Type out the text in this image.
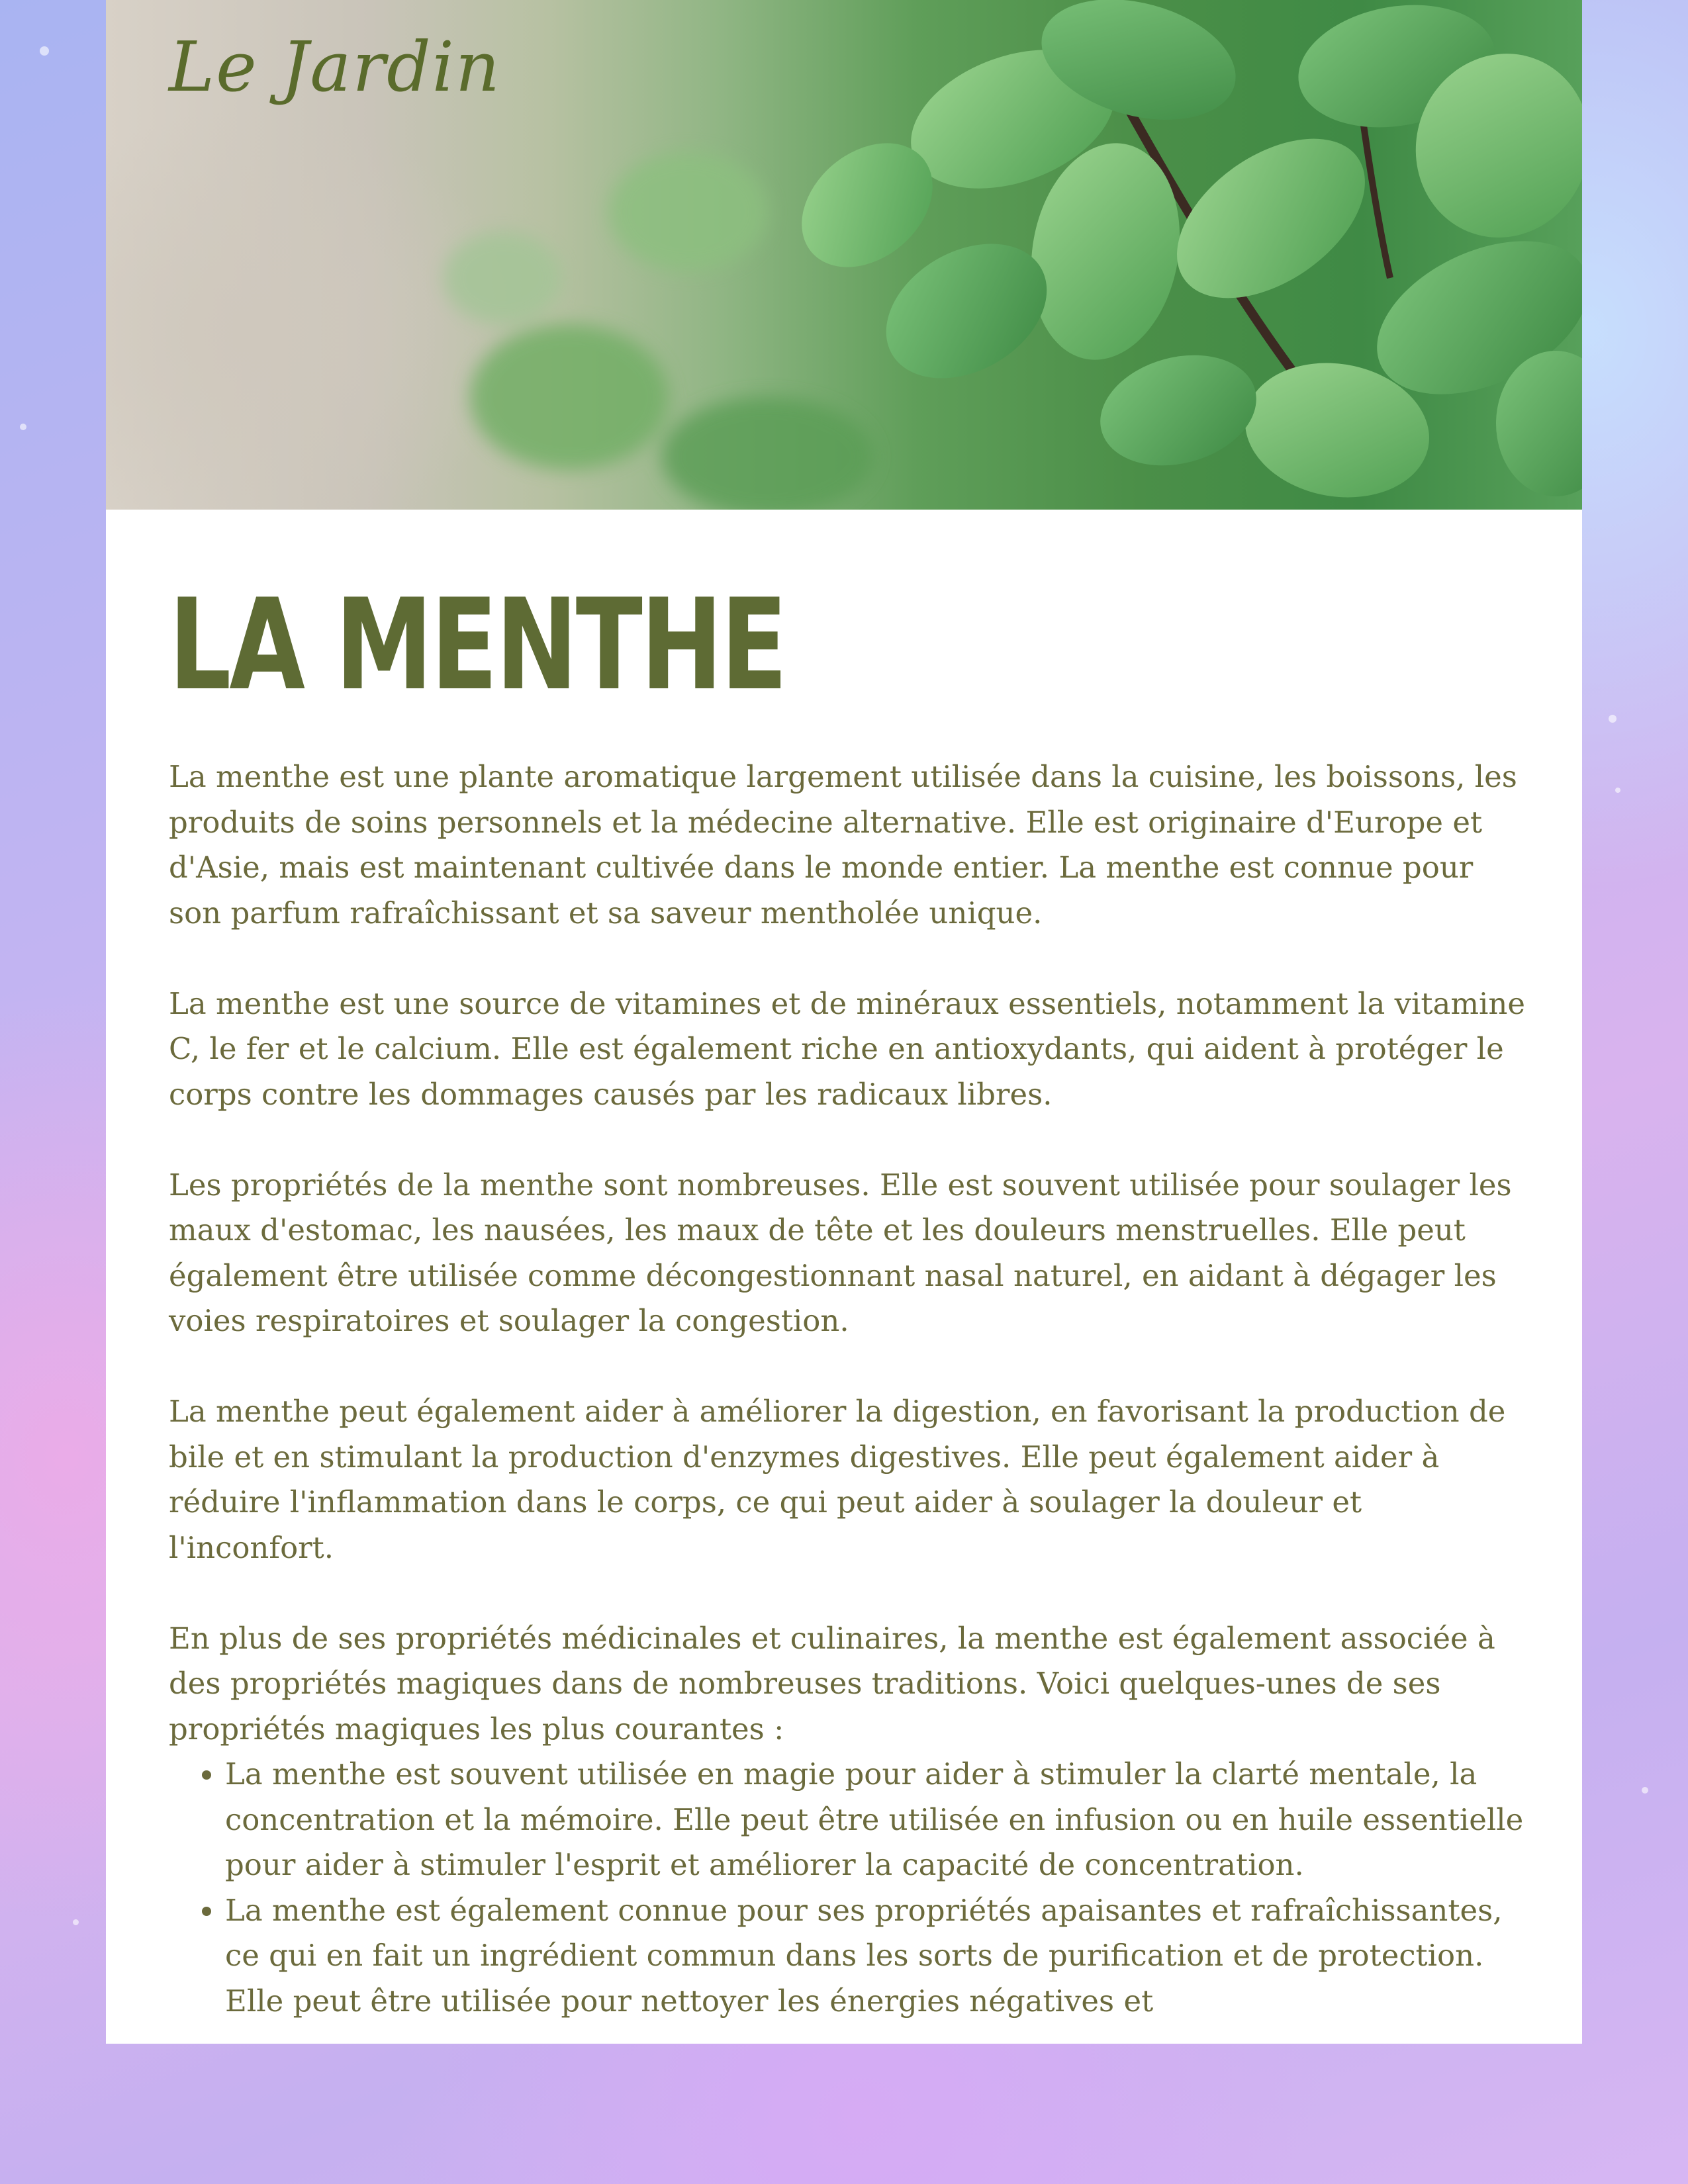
Le Jardin
LA MENTHE

La menthe est une plante aromatique largement utilisée dans la cuisine, les boissons, les produits de soins personnels et la médecine alternative. Elle est originaire d'Europe et d'Asie, mais est maintenant cultivée dans le monde entier. La menthe est connue pour son parfum rafraîchissant et sa saveur mentholée unique.

La menthe est une source de vitamines et de minéraux essentiels, notamment la vitamine C, le fer et le calcium. Elle est également riche en antioxydants, qui aident à protéger le corps contre les dommages causés par les radicaux libres.

Les propriétés de la menthe sont nombreuses. Elle est souvent utilisée pour soulager les maux d'estomac, les nausées, les maux de tête et les douleurs menstruelles. Elle peut également être utilisée comme décongestionnant nasal naturel, en aidant à dégager les voies respiratoires et soulager la congestion.

La menthe peut également aider à améliorer la digestion, en favorisant la production de bile et en stimulant la production d'enzymes digestives. Elle peut également aider à réduire l'inflammation dans le corps, ce qui peut aider à soulager la douleur et l'inconfort.

En plus de ses propriétés médicinales et culinaires, la menthe est également associée à des propriétés magiques dans de nombreuses traditions. Voici quelques-unes de ses propriétés magiques les plus courantes :

• La menthe est souvent utilisée en magie pour aider à stimuler la clarté mentale, la concentration et la mémoire. Elle peut être utilisée en infusion ou en huile essentielle pour aider à stimuler l'esprit et améliorer la capacité de concentration.
• La menthe est également connue pour ses propriétés apaisantes et rafraîchissantes, ce qui en fait un ingrédient commun dans les sorts de purification et de protection. Elle peut être utilisée pour nettoyer les énergies négatives et
